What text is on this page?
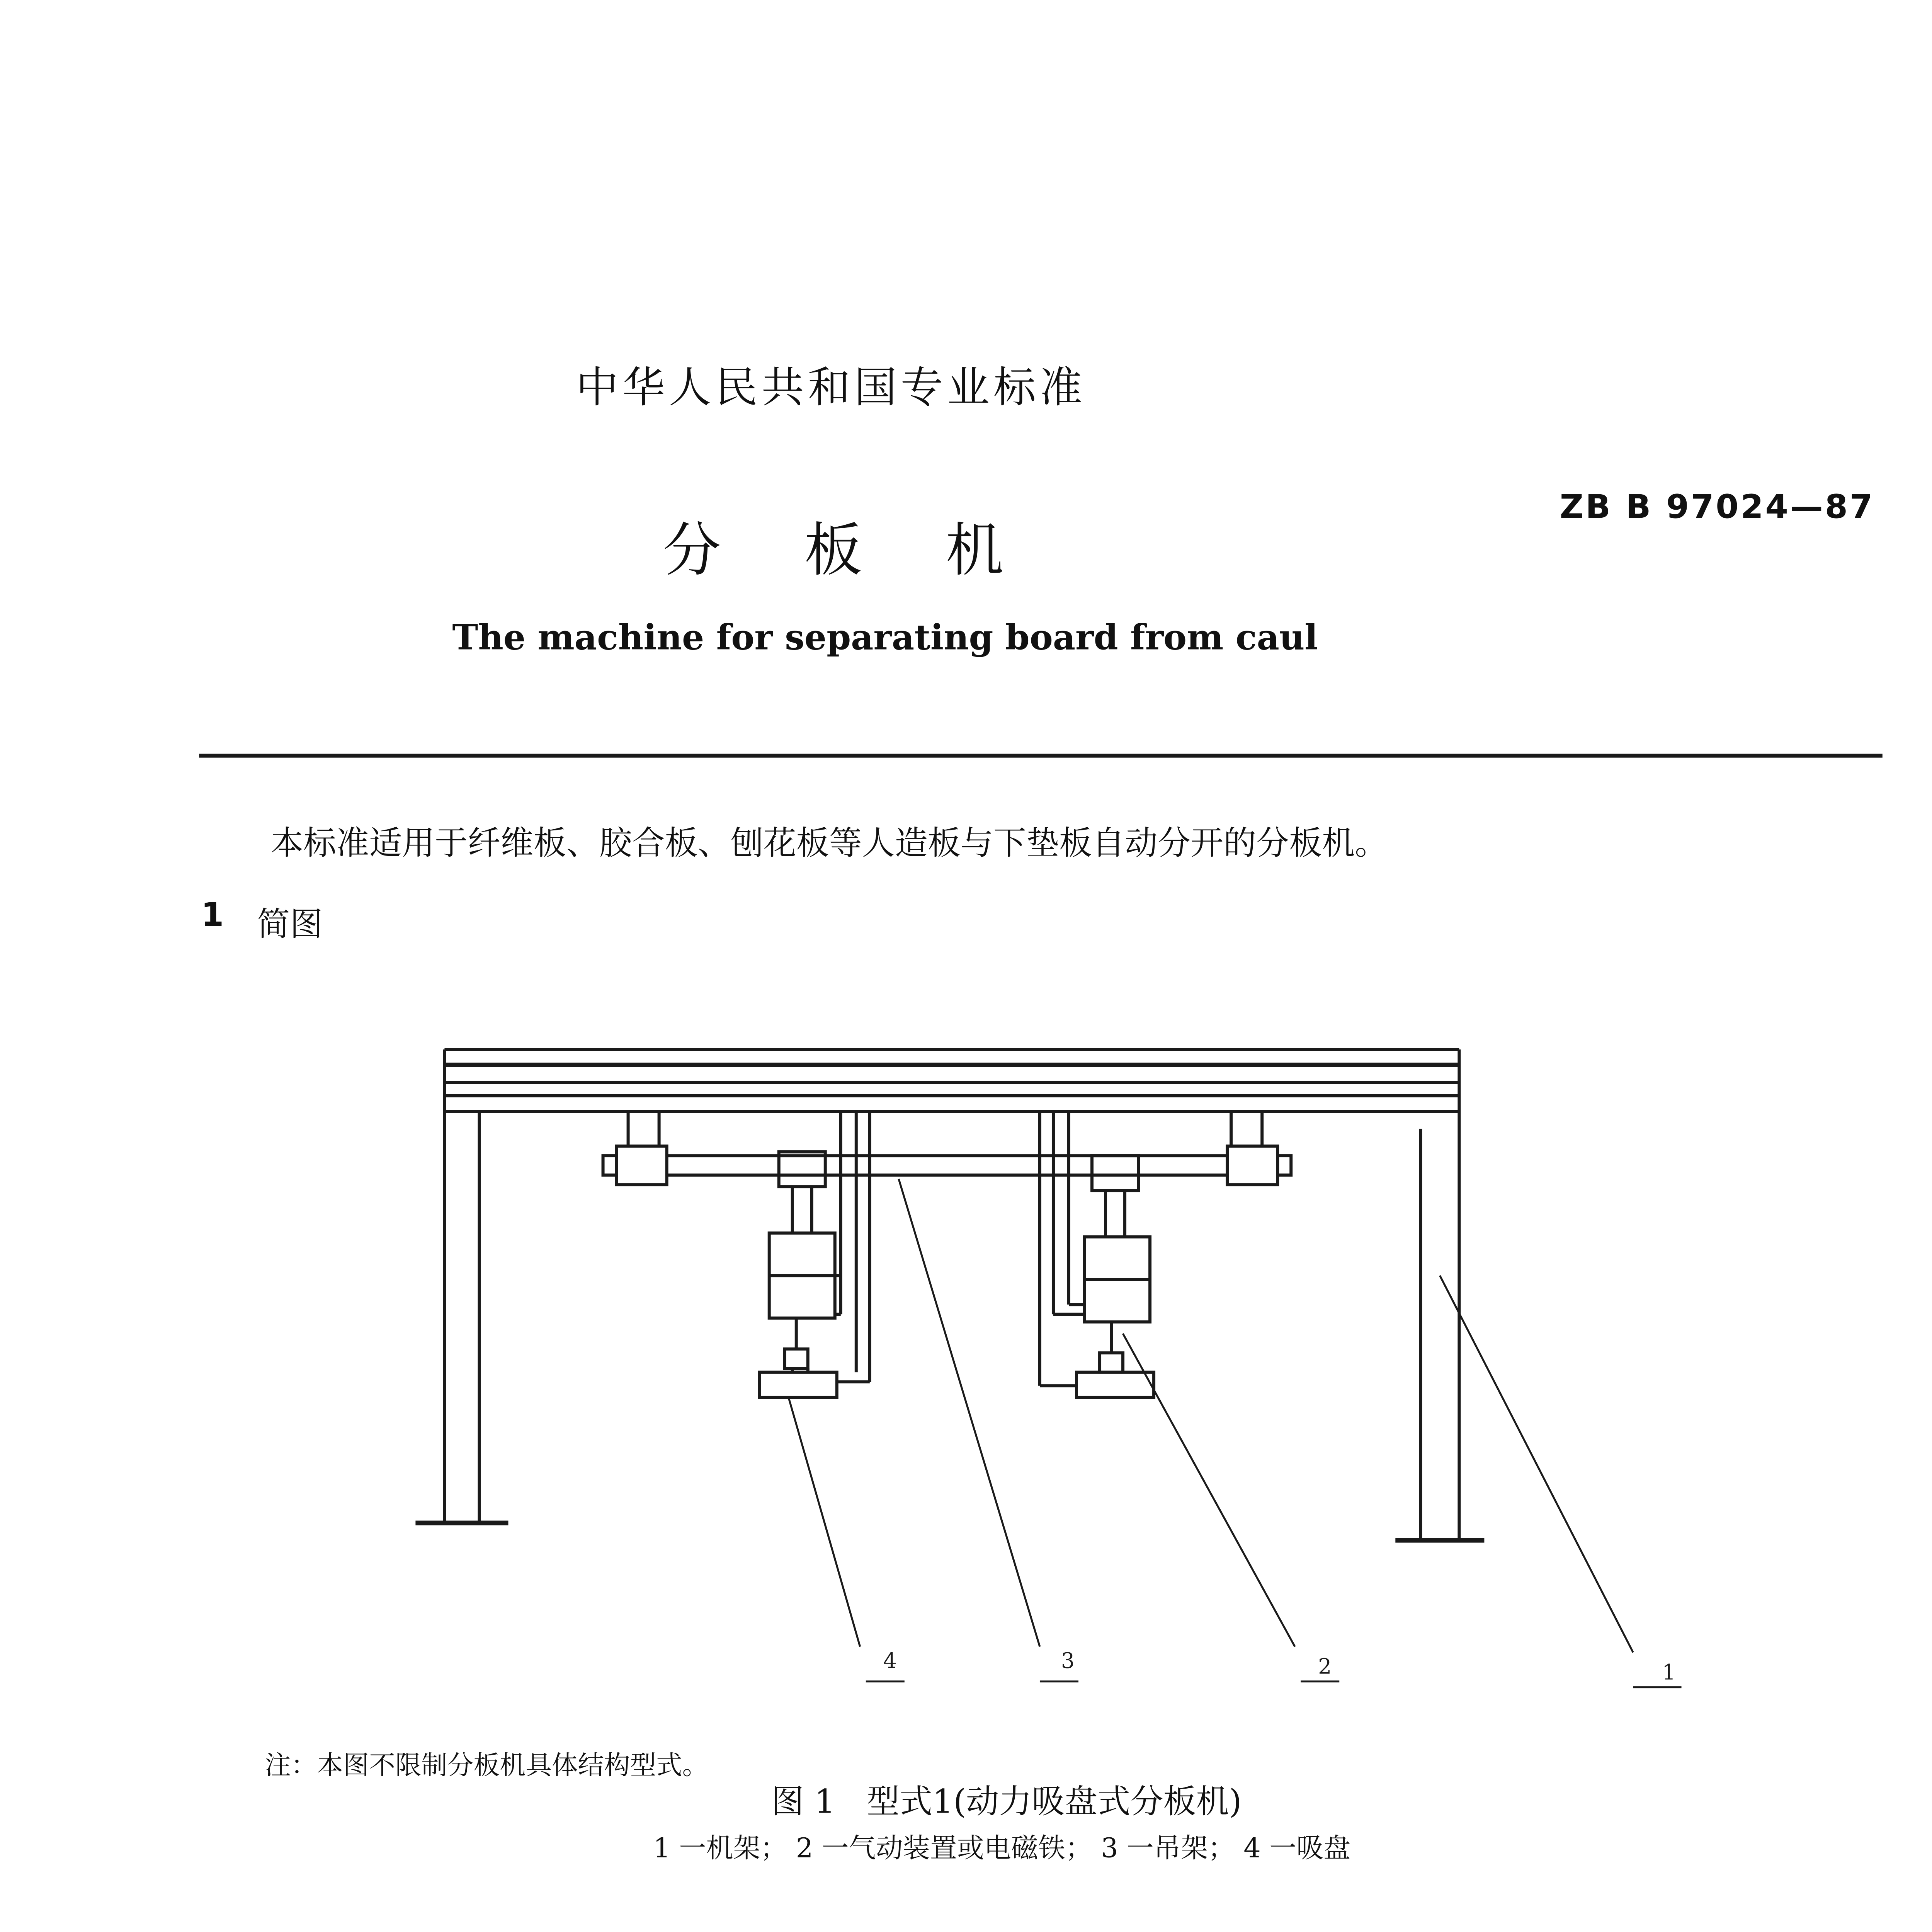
中华人民共和国专业标准
分    板    机
ZB B 97024—87
The machine for separating board from caul
本标准适用于纤维板、胶合板、刨花板等人造板与下垫板自动分开的分板机。
1	简图
4	3	2	1
注：本图不限制分板机具体结构型式。
图 1   型式1(动力吸盘式分板机)
1 一机架； 2 一气动装置或电磁铁； 3 一吊架； 4 一吸盘
